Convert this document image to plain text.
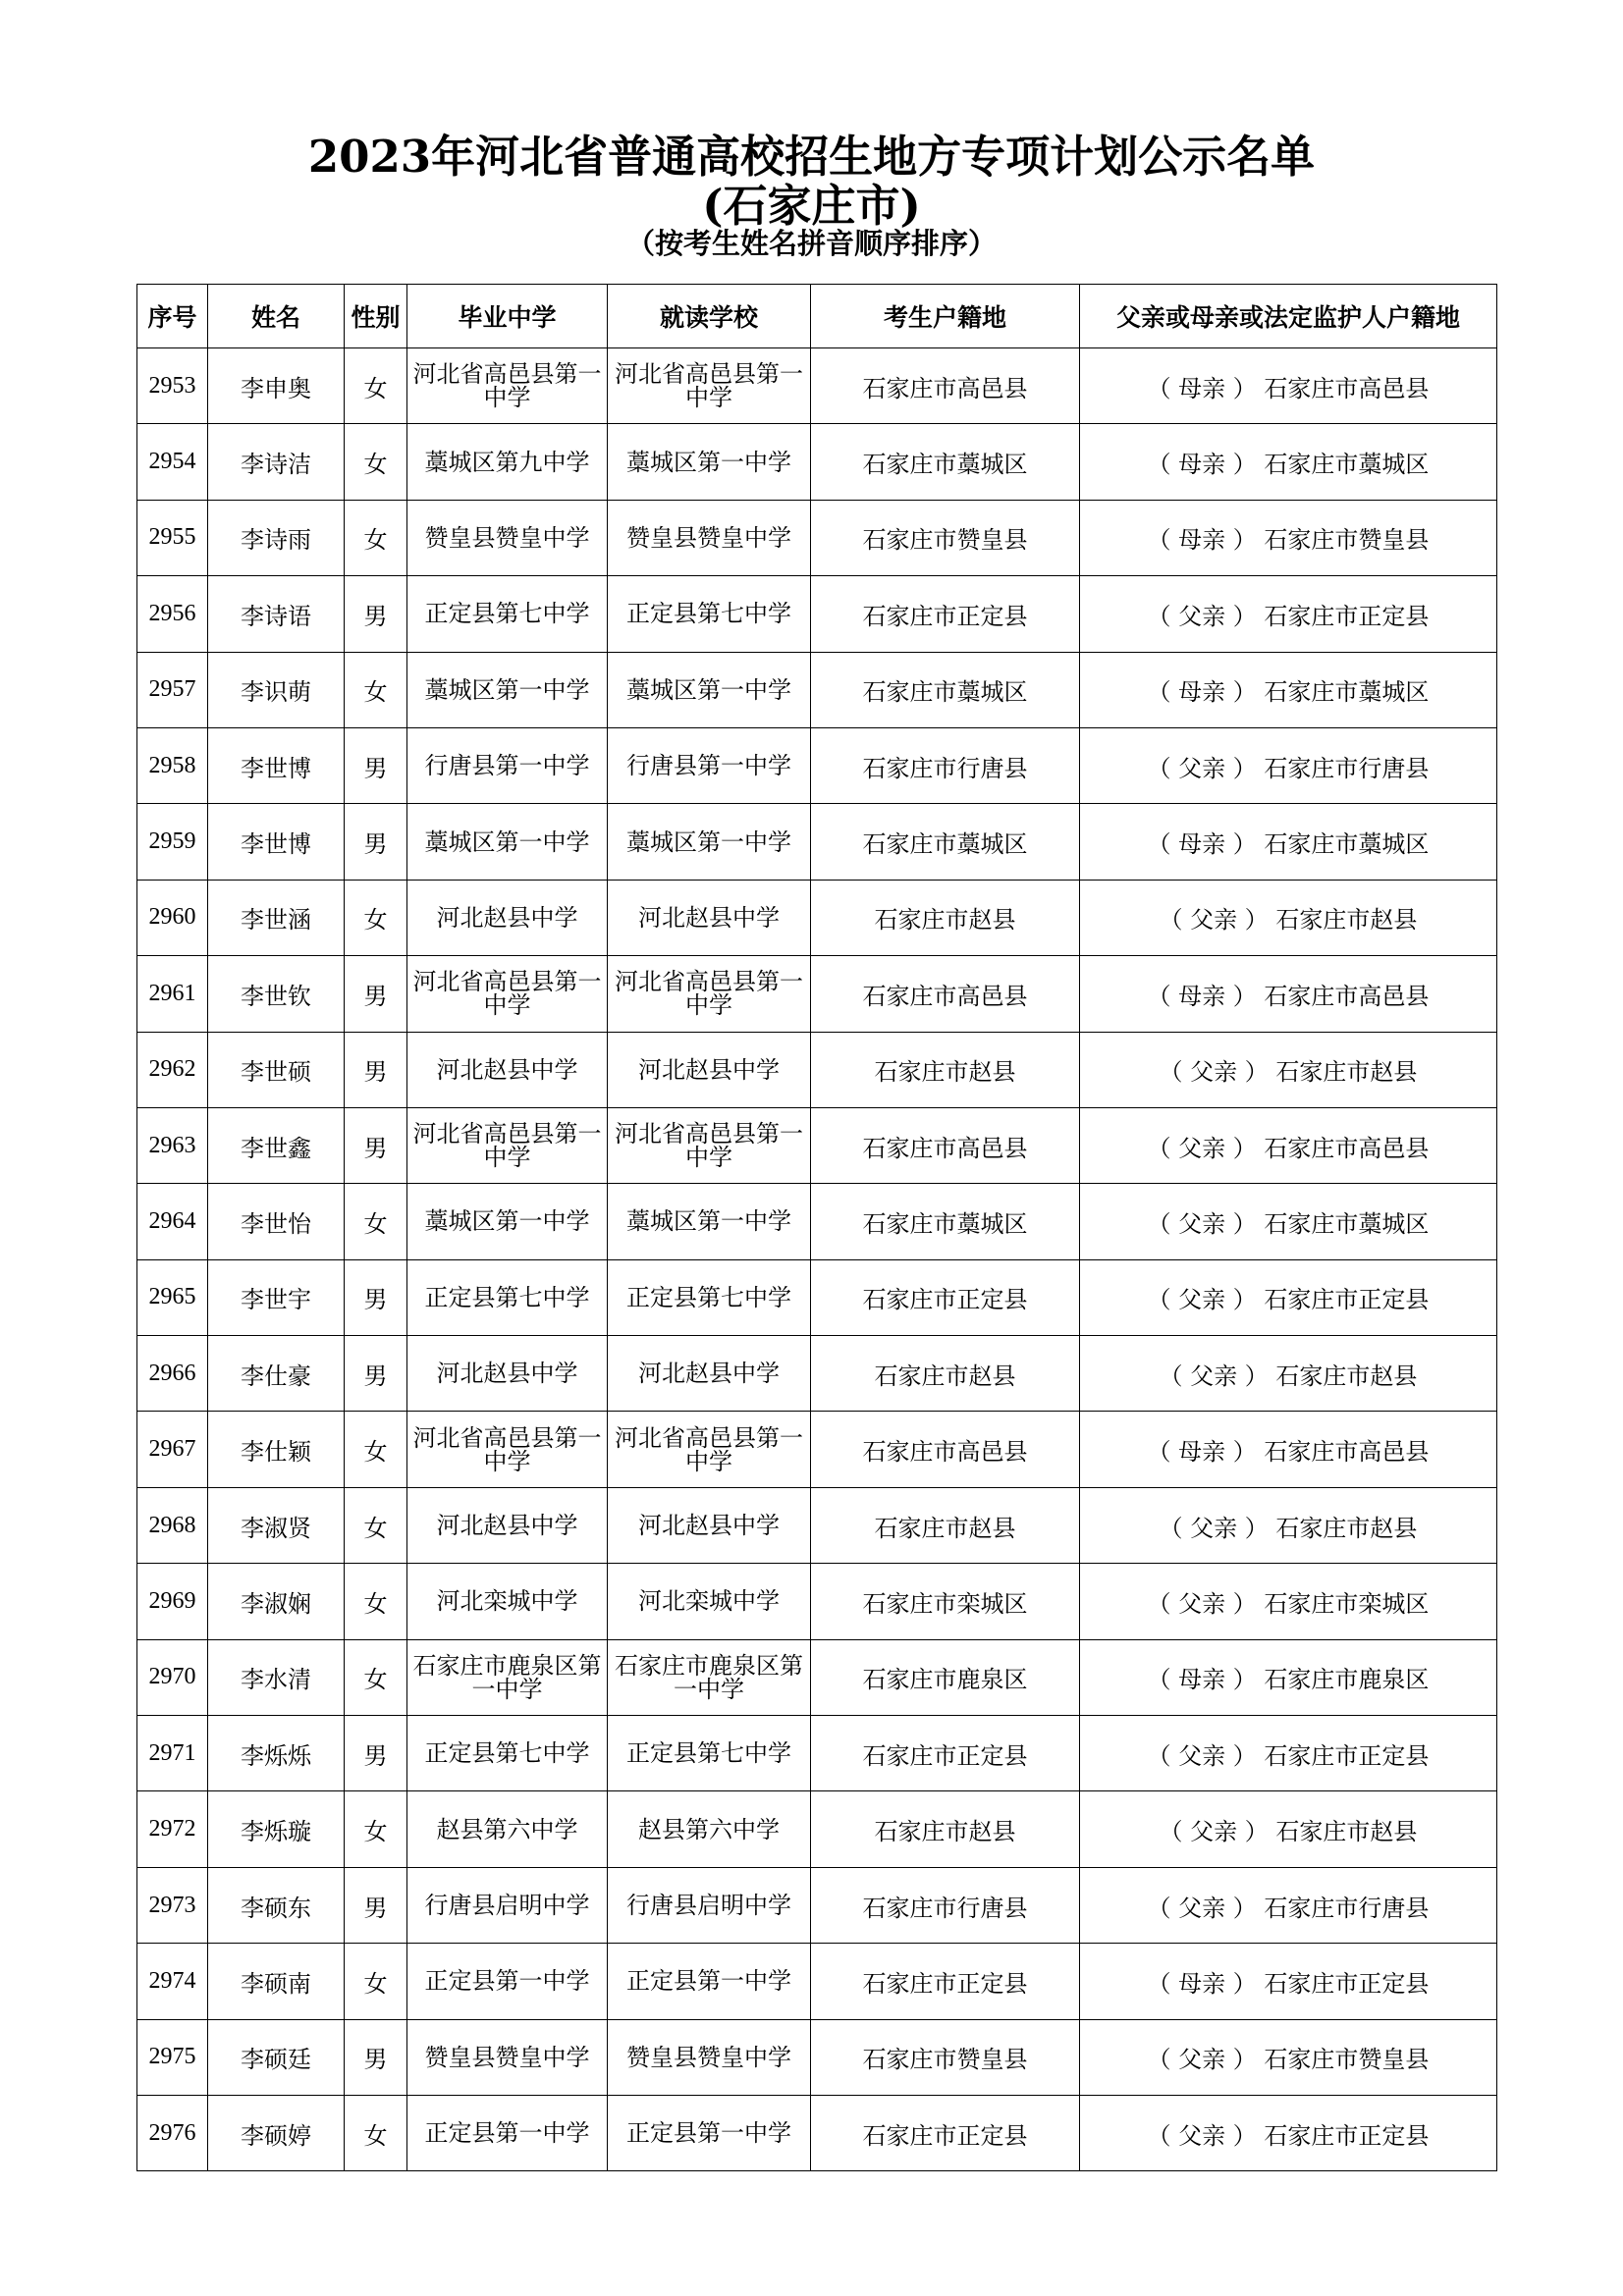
2023年河北省普通高校招生地方专项计划公示名单
(石家庄市)
（按考生姓名拼音顺序排序）
序号	姓名	性别	毕业中学	就读学校	考生户籍地	父亲或母亲或法定监护人户籍地
2953	李申奥	女	河北省高邑县第一中学	河北省高邑县第一中学	石家庄市高邑县	（ 母亲 ） 石家庄市高邑县
2954	李诗洁	女	藁城区第九中学	藁城区第一中学	石家庄市藁城区	（ 母亲 ） 石家庄市藁城区
2955	李诗雨	女	赞皇县赞皇中学	赞皇县赞皇中学	石家庄市赞皇县	（ 母亲 ） 石家庄市赞皇县
2956	李诗语	男	正定县第七中学	正定县第七中学	石家庄市正定县	（ 父亲 ） 石家庄市正定县
2957	李识萌	女	藁城区第一中学	藁城区第一中学	石家庄市藁城区	（ 母亲 ） 石家庄市藁城区
2958	李世博	男	行唐县第一中学	行唐县第一中学	石家庄市行唐县	（ 父亲 ） 石家庄市行唐县
2959	李世博	男	藁城区第一中学	藁城区第一中学	石家庄市藁城区	（ 母亲 ） 石家庄市藁城区
2960	李世涵	女	河北赵县中学	河北赵县中学	石家庄市赵县	（ 父亲 ） 石家庄市赵县
2961	李世钦	男	河北省高邑县第一中学	河北省高邑县第一中学	石家庄市高邑县	（ 母亲 ） 石家庄市高邑县
2962	李世硕	男	河北赵县中学	河北赵县中学	石家庄市赵县	（ 父亲 ） 石家庄市赵县
2963	李世鑫	男	河北省高邑县第一中学	河北省高邑县第一中学	石家庄市高邑县	（ 父亲 ） 石家庄市高邑县
2964	李世怡	女	藁城区第一中学	藁城区第一中学	石家庄市藁城区	（ 父亲 ） 石家庄市藁城区
2965	李世宇	男	正定县第七中学	正定县第七中学	石家庄市正定县	（ 父亲 ） 石家庄市正定县
2966	李仕豪	男	河北赵县中学	河北赵县中学	石家庄市赵县	（ 父亲 ） 石家庄市赵县
2967	李仕颖	女	河北省高邑县第一中学	河北省高邑县第一中学	石家庄市高邑县	（ 母亲 ） 石家庄市高邑县
2968	李淑贤	女	河北赵县中学	河北赵县中学	石家庄市赵县	（ 父亲 ） 石家庄市赵县
2969	李淑娴	女	河北栾城中学	河北栾城中学	石家庄市栾城区	（ 父亲 ） 石家庄市栾城区
2970	李水清	女	石家庄市鹿泉区第一中学	石家庄市鹿泉区第一中学	石家庄市鹿泉区	（ 母亲 ） 石家庄市鹿泉区
2971	李烁烁	男	正定县第七中学	正定县第七中学	石家庄市正定县	（ 父亲 ） 石家庄市正定县
2972	李烁璇	女	赵县第六中学	赵县第六中学	石家庄市赵县	（ 父亲 ） 石家庄市赵县
2973	李硕东	男	行唐县启明中学	行唐县启明中学	石家庄市行唐县	（ 父亲 ） 石家庄市行唐县
2974	李硕南	女	正定县第一中学	正定县第一中学	石家庄市正定县	（ 母亲 ） 石家庄市正定县
2975	李硕廷	男	赞皇县赞皇中学	赞皇县赞皇中学	石家庄市赞皇县	（ 父亲 ） 石家庄市赞皇县
2976	李硕婷	女	正定县第一中学	正定县第一中学	石家庄市正定县	（ 父亲 ） 石家庄市正定县
